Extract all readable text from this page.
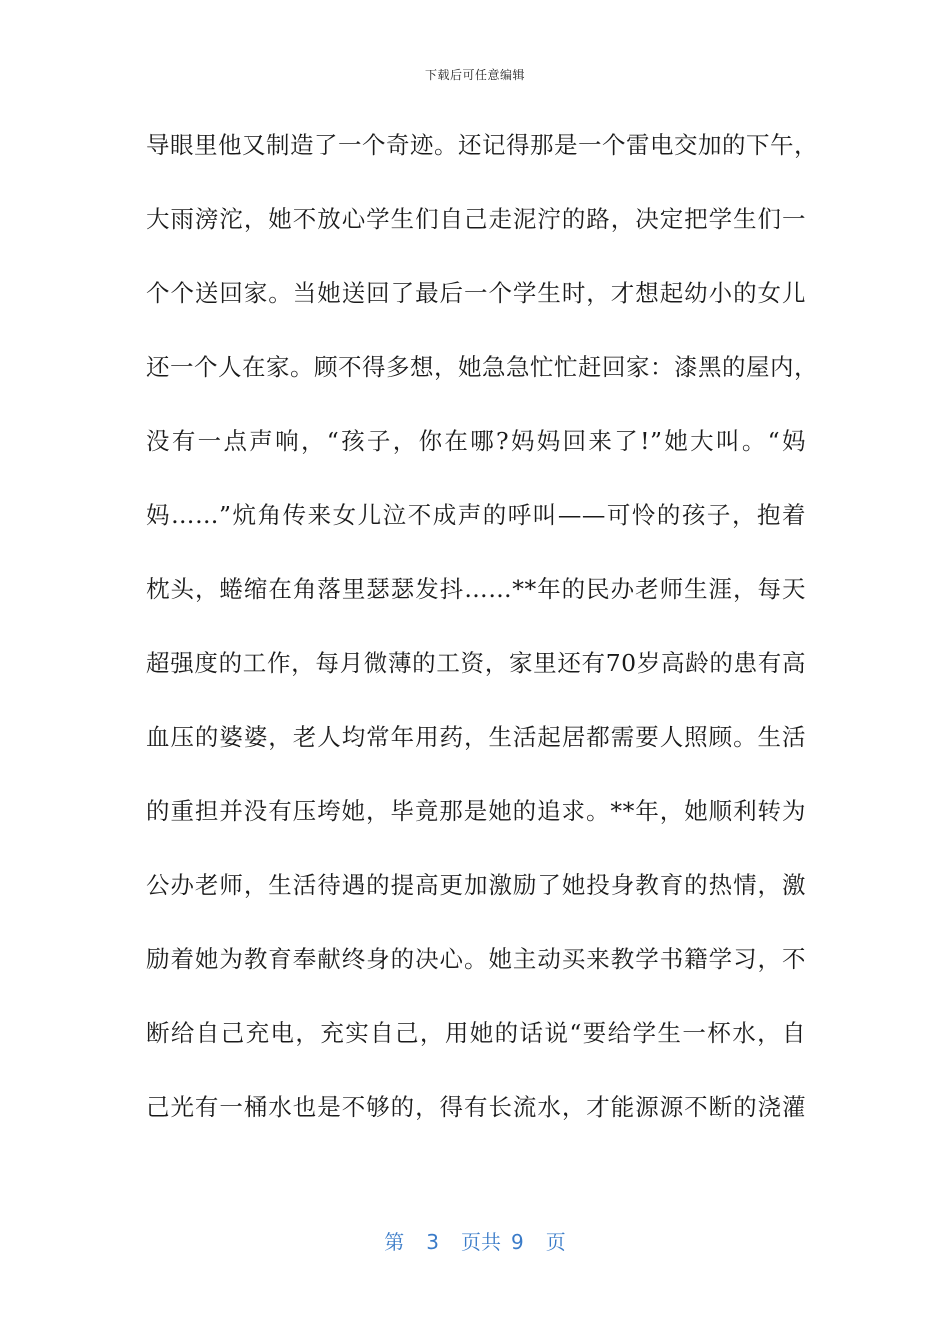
下载后可任意编辑
导眼里他又制造了一个奇迹。还记得那是一个雷电交加的下午，
大雨滂沱，她不放心学生们自己走泥泞的路，决定把学生们一
个个送回家。当她送回了最后一个学生时，才想起幼小的女儿
还一个人在家。顾不得多想，她急急忙忙赶回家：漆黑的屋内，
没有一点声响，“孩子，你在哪?妈妈回来了!”她大叫。“妈
妈……”炕角传来女儿泣不成声的呼叫——可怜的孩子，抱着
枕头，蜷缩在角落里瑟瑟发抖……**年的民办老师生涯，每天
超强度的工作，每月微薄的工资，家里还有70岁高龄的患有高
血压的婆婆，老人均常年用药，生活起居都需要人照顾。生活
的重担并没有压垮她，毕竟那是她的追求。**年，她顺利转为
公办老师，生活待遇的提高更加激励了她投身教育的热情，激
励着她为教育奉献终身的决心。她主动买来教学书籍学习，不
断给自己充电，充实自己，用她的话说“要给学生一杯水，自
己光有一桶水也是不够的，得有长流水，才能源源不断的浇灌
第 3 页共 9 页
